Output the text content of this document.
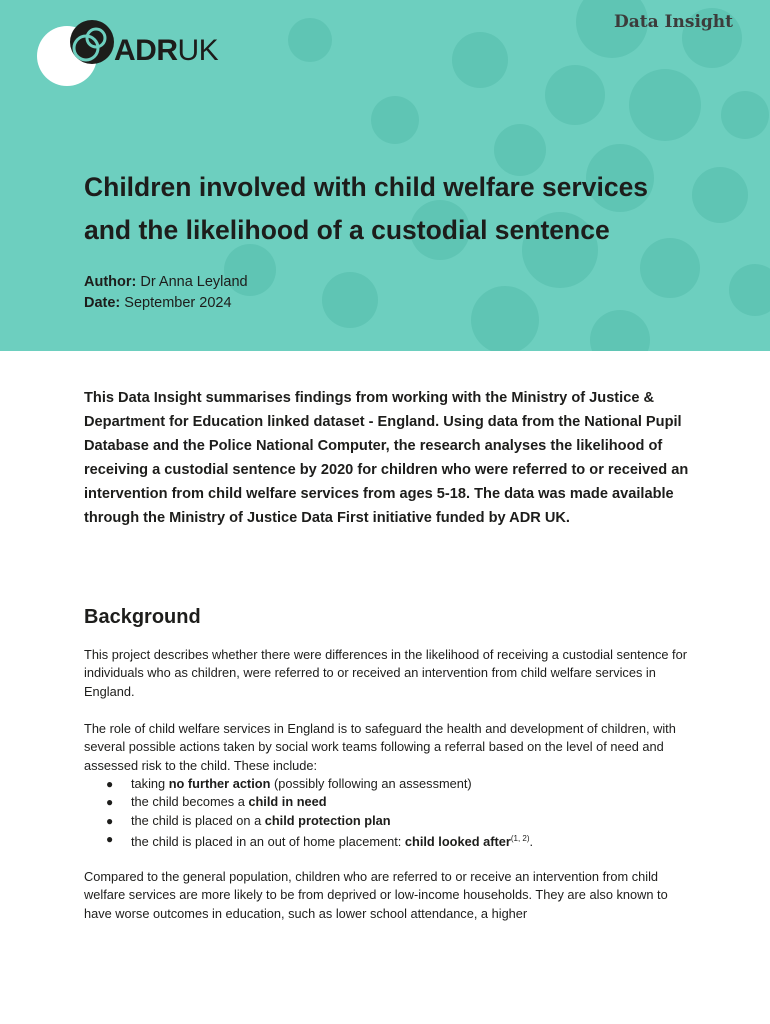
Data Insight
ADRUK
Children involved with child welfare services
and the likelihood of a custodial sentence
Author: Dr Anna Leyland
Date: September 2024

This Data Insight summarises findings from working with the Ministry of Justice & Department for Education linked dataset - England. Using data from the National Pupil Database and the Police National Computer, the research analyses the likelihood of receiving a custodial sentence by 2020 for children who were referred to or received an intervention from child welfare services from ages 5-18. The data was made available through the Ministry of Justice Data First initiative funded by ADR UK.

Background

This project describes whether there were differences in the likelihood of receiving a custodial sentence for individuals who as children, were referred to or received an intervention from child welfare services in England.

The role of child welfare services in England is to safeguard the health and development of children, with several possible actions taken by social work teams following a referral based on the level of need and assessed risk to the child. These include:

● taking no further action (possibly following an assessment)
● the child becomes a child in need
● the child is placed on a child protection plan
● the child is placed in an out of home placement: child looked after$^{(1, 2)}$.

Compared to the general population, children who are referred to or receive an intervention from child welfare services are more likely to be from deprived or low-income households. They are also known to have worse outcomes in education, such as lower school attendance, a higher
